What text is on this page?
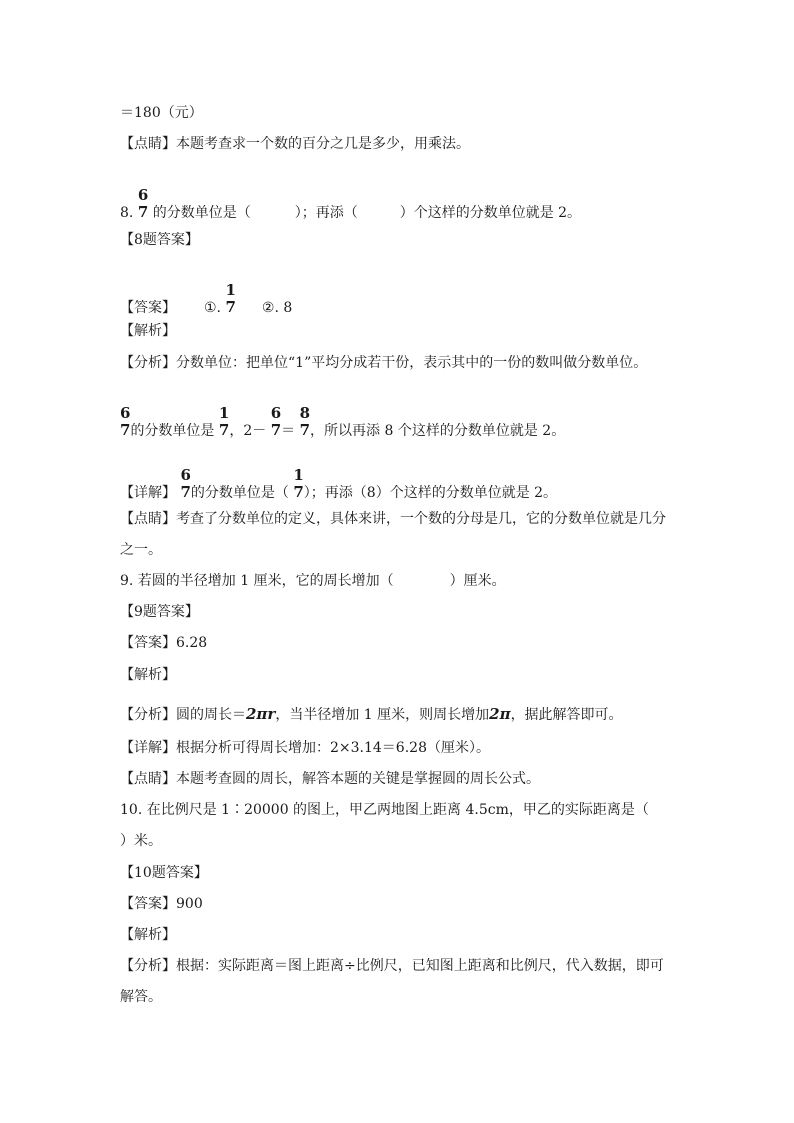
＝180（元）
【点睛】本题考查求一个数的百分之几是多少，用乘法。
8.
6
7 的分数单位是（	）；再添（	）个这样的分数单位就是 2。
【8题答案】
【答案】 ①.
1
7 ②. 8
【解析】
【分析】分数单位：把单位“1”平均分成若干份，表示其中的一份的数叫做分数单位。
6
7 的分数单位是
1
7 ，2－
6
7 ＝
8
7 ，所以再添 8 个这样的分数单位就是 2。
【详解】
6
7 的分数单位是（
1
7 ）；再添（8）个这样的分数单位就是 2。
【点睛】考查了分数单位的定义，具体来讲，一个数的分母是几，它的分数单位就是几分
之一。
9. 若圆的半径增加 1 厘米，它的周长增加（　　　　）厘米。
【9题答案】
【答案】6.28
【解析】
【分析】圆的周长＝2πr，当半径增加 1 厘米，则周长增加2π，据此解答即可。
【详解】根据分析可得周长增加：2×3.14＝6.28（厘米）。
【点睛】本题考查圆的周长，解答本题的关键是掌握圆的周长公式。
10. 在比例尺是 1∶20000 的图上，甲乙两地图上距离 4.5cm，甲乙的实际距离是（
）米。
【10题答案】
【答案】900
【解析】
【分析】根据：实际距离＝图上距离÷比例尺，已知图上距离和比例尺，代入数据，即可
解答。
